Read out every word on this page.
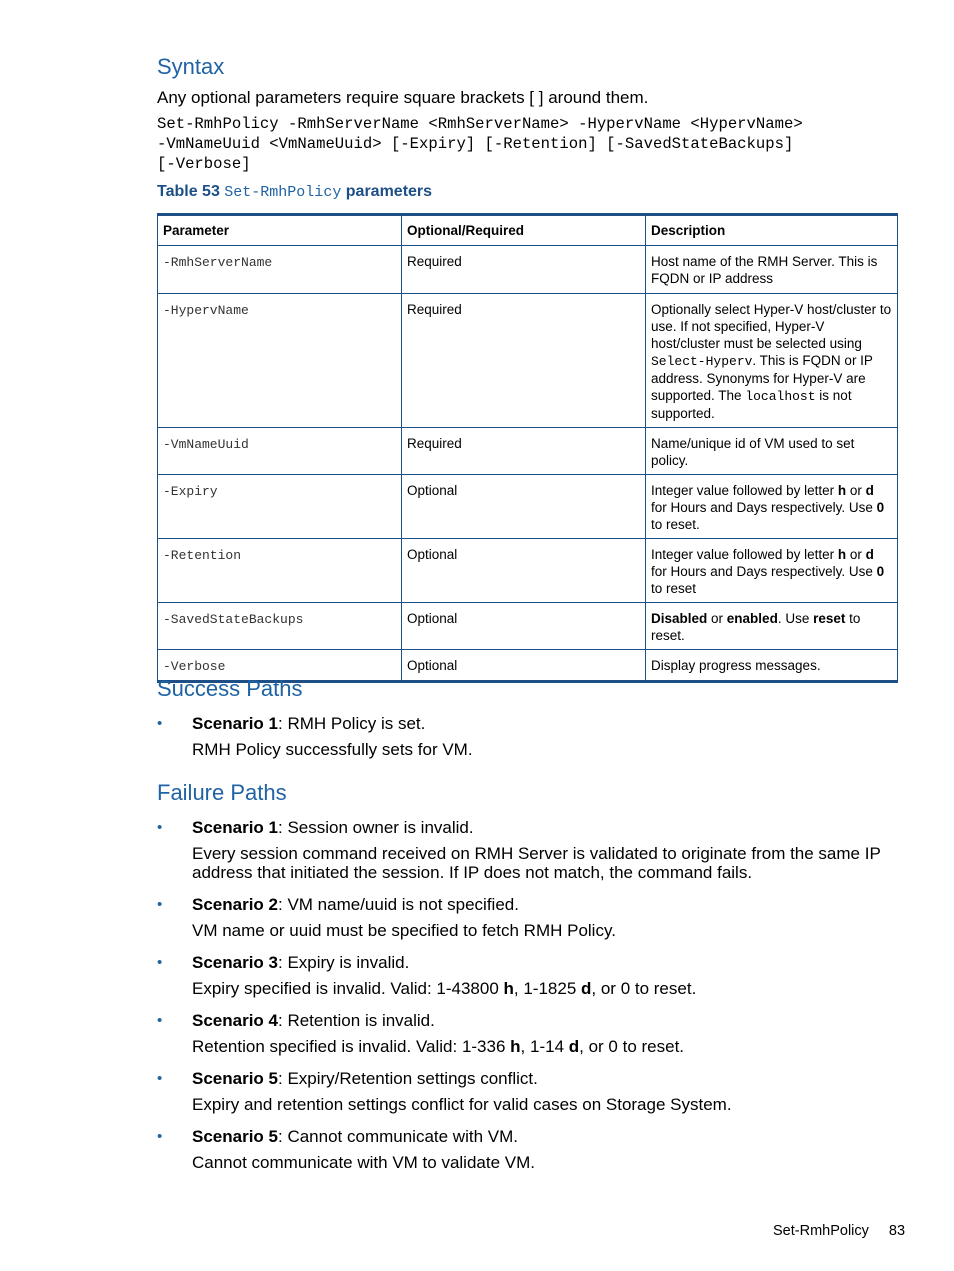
Syntax

Any optional parameters require square brackets [ ] around them.

Set-RmhPolicy -RmhServerName <RmhServerName> -HypervName <HypervName>
-VmNameUuid <VmNameUuid> [-Expiry] [-Retention] [-SavedStateBackups]
[-Verbose]
Table 53 Set-RmhPolicy parameters
Parameter	Optional/Required	Description
-RmhServerName	Required	Host name of the RMH Server. This is FQDN or IP address
-HypervName	Required	Optionally select Hyper-V host/cluster to use. If not specified, Hyper-V host/cluster must be selected using Select-Hyperv. This is FQDN or IP address. Synonyms for Hyper-V are supported. The localhost is not supported.
-VmNameUuid	Required	Name/unique id of VM used to set policy.
-Expiry	Optional	Integer value followed by letter h or d for Hours and Days respectively. Use 0 to reset.
-Retention	Optional	Integer value followed by letter h or d for Hours and Days respectively. Use 0 to reset
-SavedStateBackups	Optional	Disabled or enabled. Use reset to reset.
-Verbose	Optional	Display progress messages.
Success Paths
• Scenario 1: RMH Policy is set.
RMH Policy successfully sets for VM.
Failure Paths
• Scenario 1: Session owner is invalid.
Every session command received on RMH Server is validated to originate from the same IP address that initiated the session. If IP does not match, the command fails.
• Scenario 2: VM name/uuid is not specified.
VM name or uuid must be specified to fetch RMH Policy.
• Scenario 3: Expiry is invalid.
Expiry specified is invalid. Valid: 1-43800 h, 1-1825 d, or 0 to reset.
• Scenario 4: Retention is invalid.
Retention specified is invalid. Valid: 1-336 h, 1-14 d, or 0 to reset.
• Scenario 5: Expiry/Retention settings conflict.
Expiry and retention settings conflict for valid cases on Storage System.
• Scenario 5: Cannot communicate with VM.
Cannot communicate with VM to validate VM.
Set-RmhPolicy 83
